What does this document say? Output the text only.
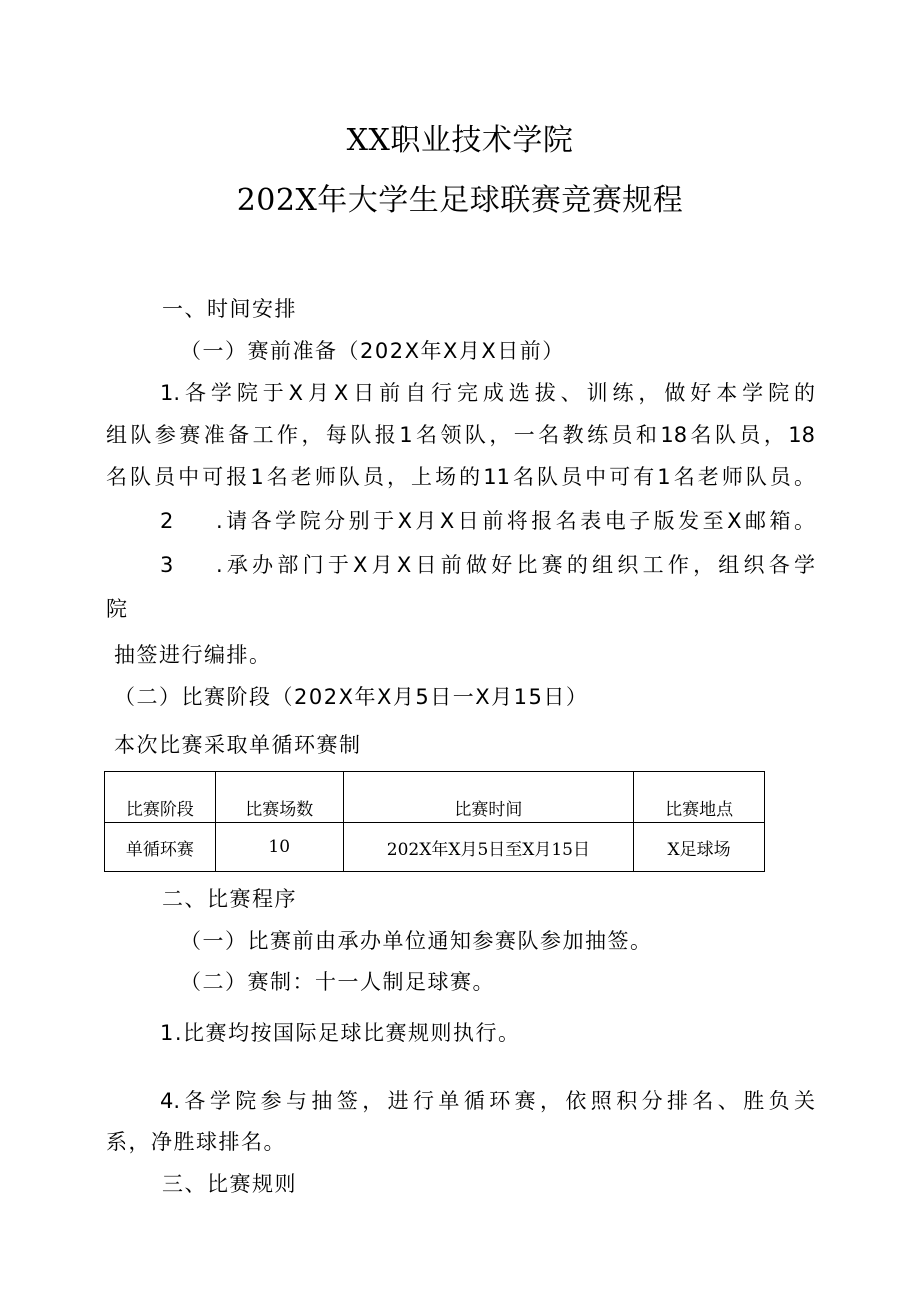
XX职业技术学院
202X年大学生足球联赛竞赛规程
一、时间安排
（一）赛前准备（202X年X月X日前）
1.各学院于X月X日前自行完成选拔、训练，做好本学院的
组队参赛准备工作，每队报1名领队，一名教练员和18名队员，18
名队员中可报1名老师队员，上场的11名队员中可有1名老师队员。
2 .请各学院分别于X月X日前将报名表电子版发至X邮箱。
3 .承办部门于X月X日前做好比赛的组织工作，组织各学
院
抽签进行编排。
（二）比赛阶段（202X年X月5日一X月15日）
本次比赛采取单循环赛制
比赛阶段	比赛场数	比赛时间	比赛地点
单循环赛	10	202X年X月5日至X月15日	X足球场
二、比赛程序
（一）比赛前由承办单位通知参赛队参加抽签。
（二）赛制：十一人制足球赛。
1.比赛均按国际足球比赛规则执行。
4.各学院参与抽签，进行单循环赛，依照积分排名、胜负关
系，净胜球排名。
三、比赛规则
